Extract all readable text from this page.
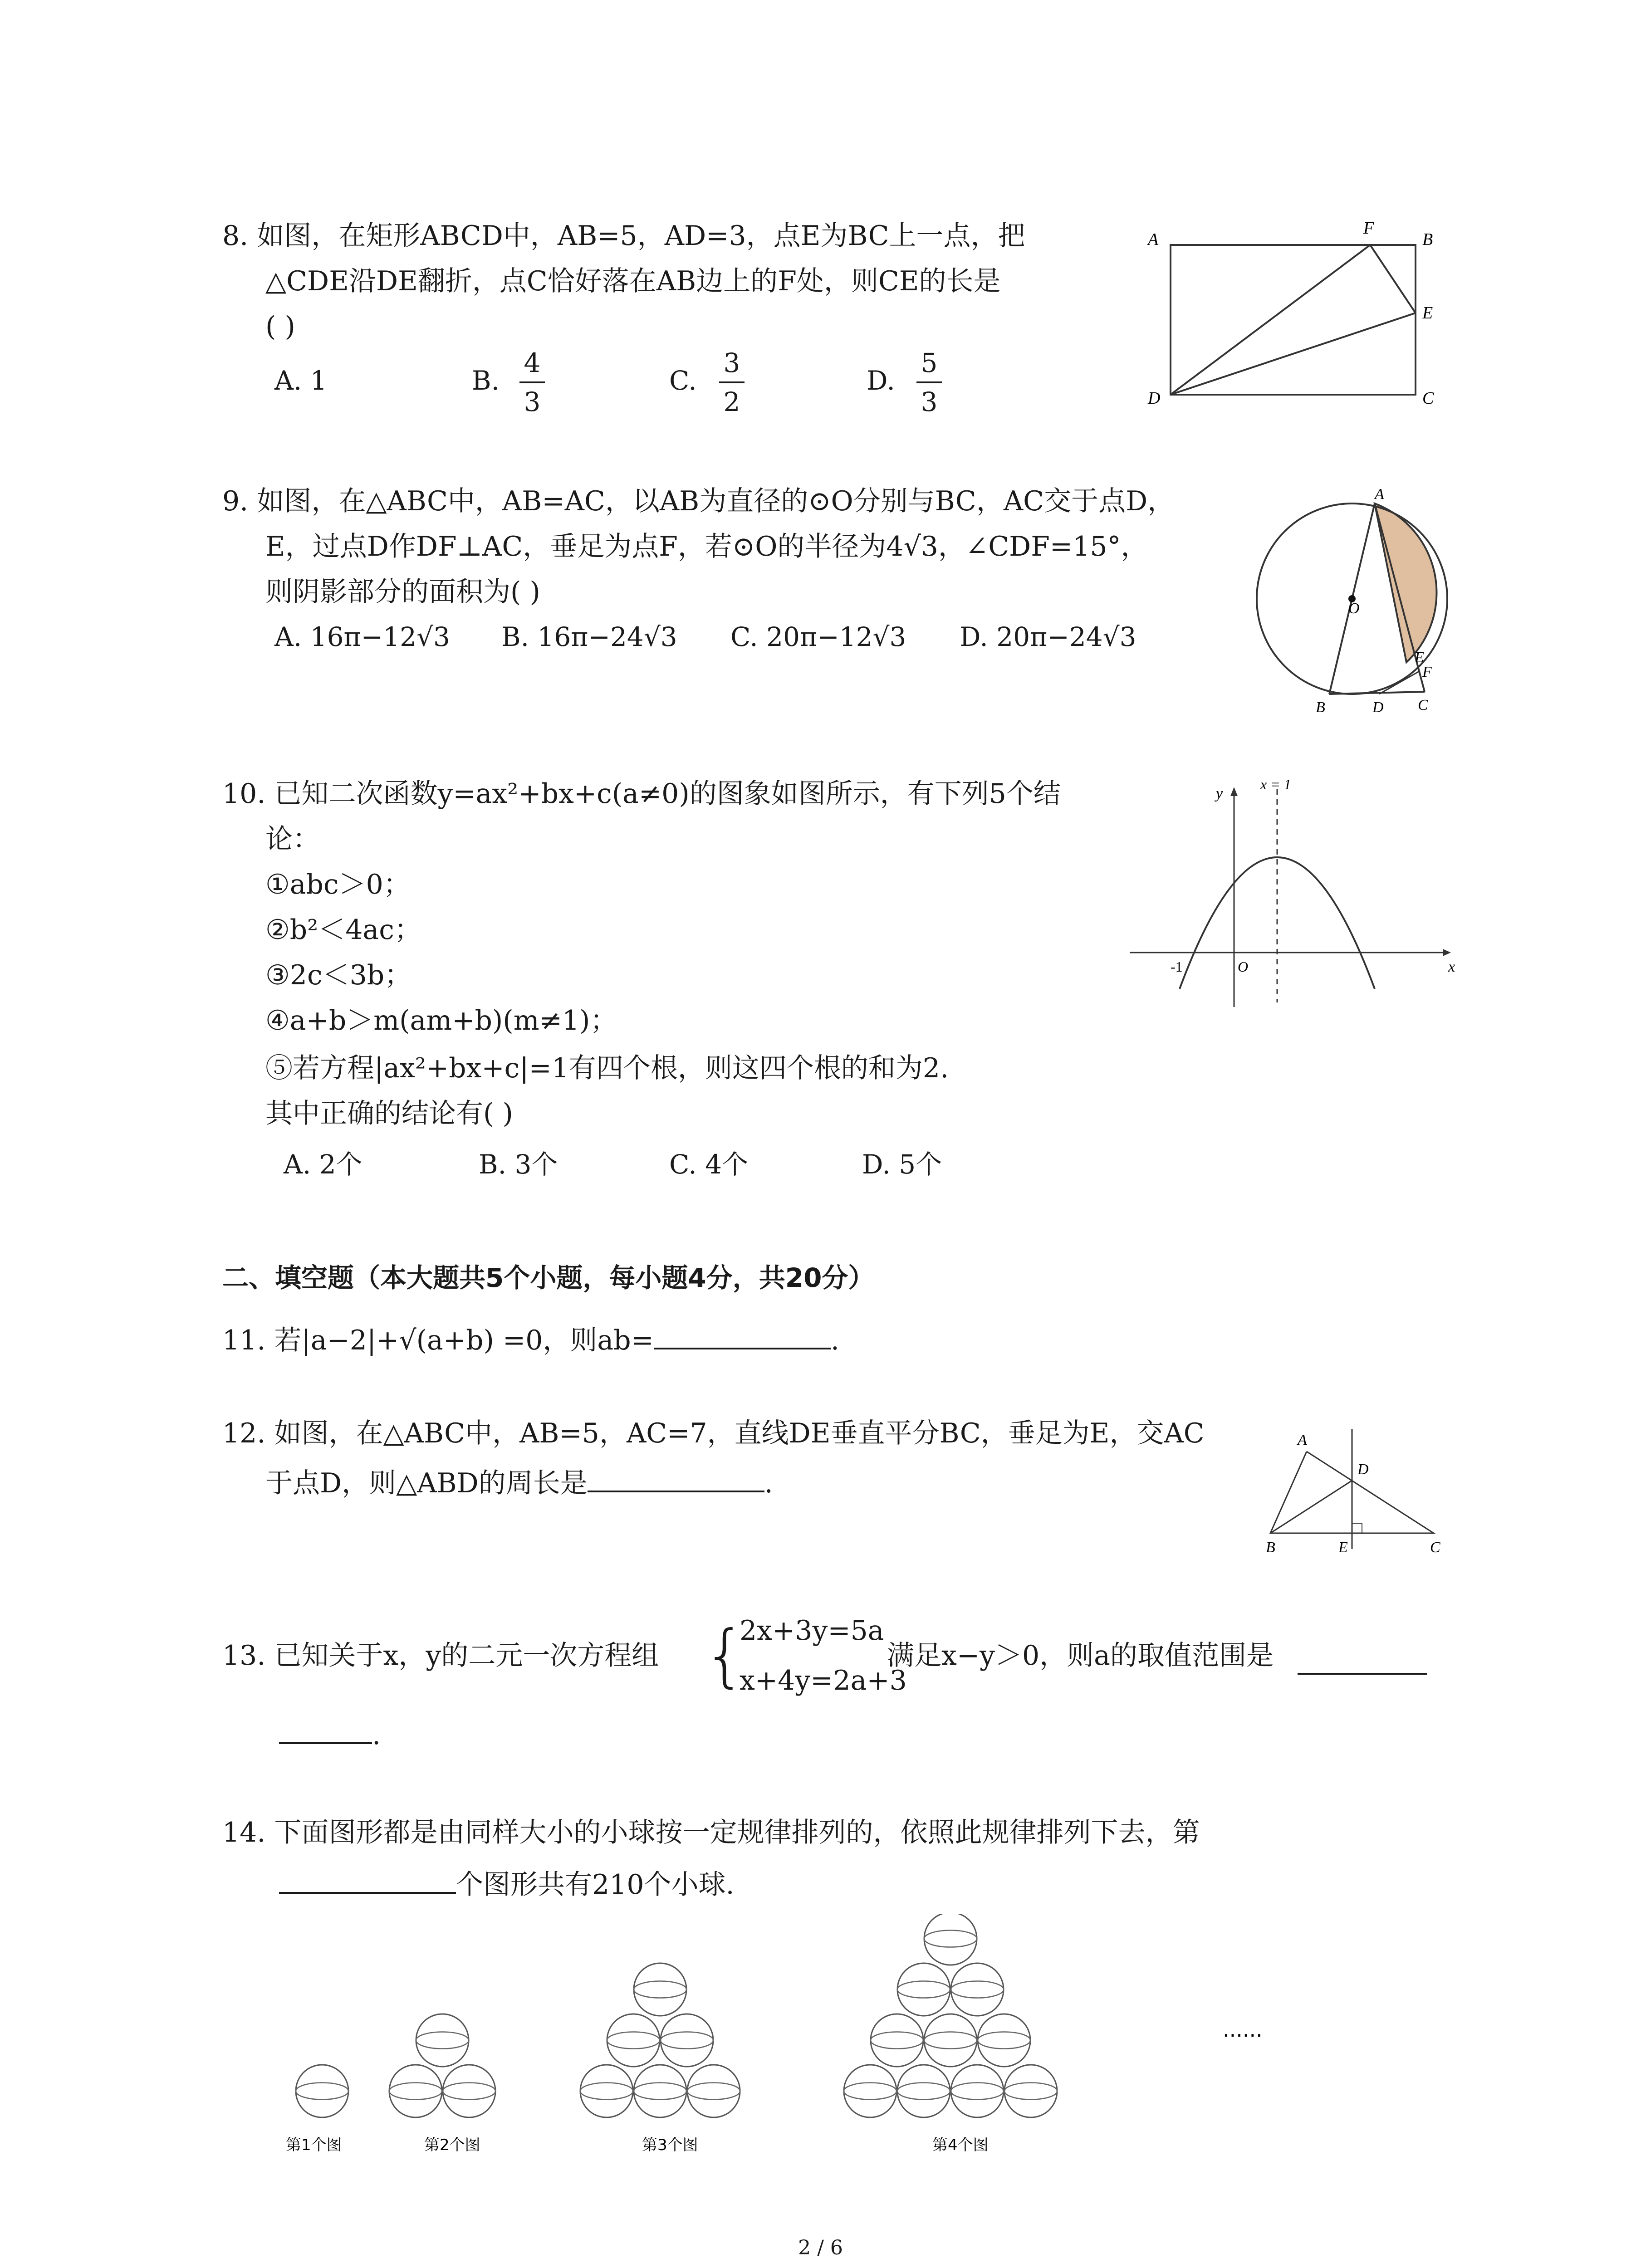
8. 如图，在矩形ABCD中，AB=5，AD=3，点E为BC上一点，把
△CDE沿DE翻折，点C恰好落在AB边上的F处，则CE的长是
( )
A. 1	B.
4
3
C.
3
2
D.
5
3
A
F
B
E
D	C
9. 如图，在△ABC中，AB=AC，以AB为直径的⊙O分别与BC，AC交于点D，
E，过点D作DF⊥AC，垂足为点F，若⊙O的半径为4√3，∠CDF=15°，
则阴影部分的面积为( )
A. 16π−12√3 B. 16π−24√3 C. 20π−12√3 D. 20π−24√3
A
O
E
F
B	D C
10. 已知二次函数y=ax²+bx+c(a≠0)的图象如图所示，有下列5个结
论：
①abc＞0；
②b²＜4ac；
③2c＜3b；
④a+b＞m(am+b)(m≠1)；
⑤若方程|ax²+bx+c|=1有四个根，则这四个根的和为2.
其中正确的结论有( )
A. 2个	B. 3个	C. 4个	D. 5个
y
x = 1
x
-1	O
二、填空题（本大题共5个小题，每小题4分，共20分）
11. 若|a−2|+√(a+b) =0，则ab=	.
12. 如图，在△ABC中，AB=5，AC=7，直线DE垂直平分BC，垂足为E，交AC
于点D，则△ABD的周长是	.
A
D
B	E	C
13. 已知关于x，y的二元一次方程组 {
2x+3y=5a
x+4y=2a+3
满足x−y＞0，则a的取值范围是
.
14. 下面图形都是由同样大小的小球按一定规律排列的，依照此规律排列下去，第
个图形共有210个小球.
......
第1个图	第2个图	第3个图	第4个图
2 / 6
